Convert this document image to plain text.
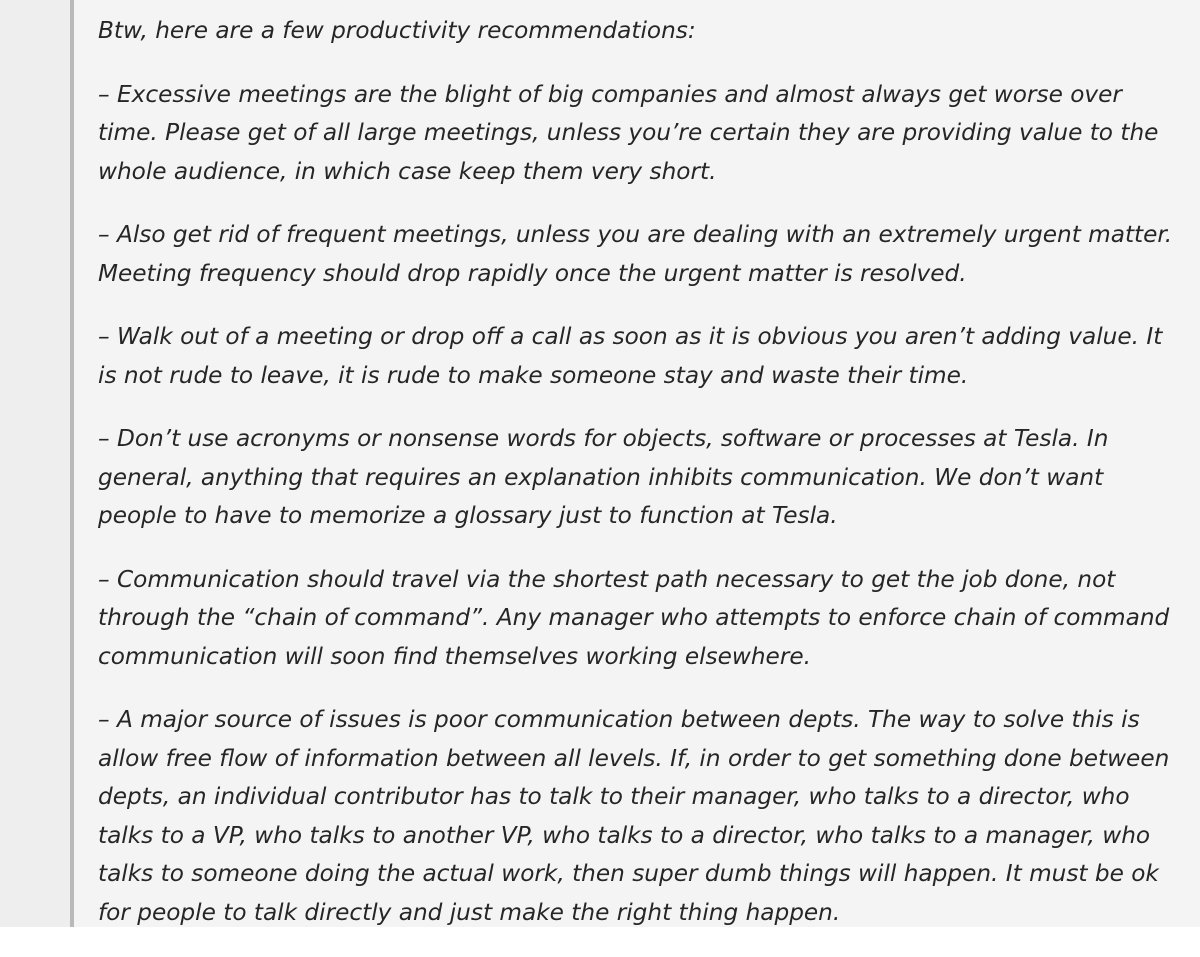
Btw, here are a few productivity recommendations:

– Excessive meetings are the blight of big companies and almost always get worse over time. Please get of all large meetings, unless you’re certain they are providing value to the whole audience, in which case keep them very short.

– Also get rid of frequent meetings, unless you are dealing with an extremely urgent matter. Meeting frequency should drop rapidly once the urgent matter is resolved.

– Walk out of a meeting or drop off a call as soon as it is obvious you aren’t adding value. It is not rude to leave, it is rude to make someone stay and waste their time.

– Don’t use acronyms or nonsense words for objects, software or processes at Tesla. In general, anything that requires an explanation inhibits communication. We don’t want people to have to memorize a glossary just to function at Tesla.

– Communication should travel via the shortest path necessary to get the job done, not through the “chain of command”. Any manager who attempts to enforce chain of command communication will soon find themselves working elsewhere.

– A major source of issues is poor communication between depts. The way to solve this is allow free flow of information between all levels. If, in order to get something done between depts, an individual contributor has to talk to their manager, who talks to a director, who talks to a VP, who talks to another VP, who talks to a director, who talks to a manager, who talks to someone doing the actual work, then super dumb things will happen. It must be ok for people to talk directly and just make the right thing happen.
